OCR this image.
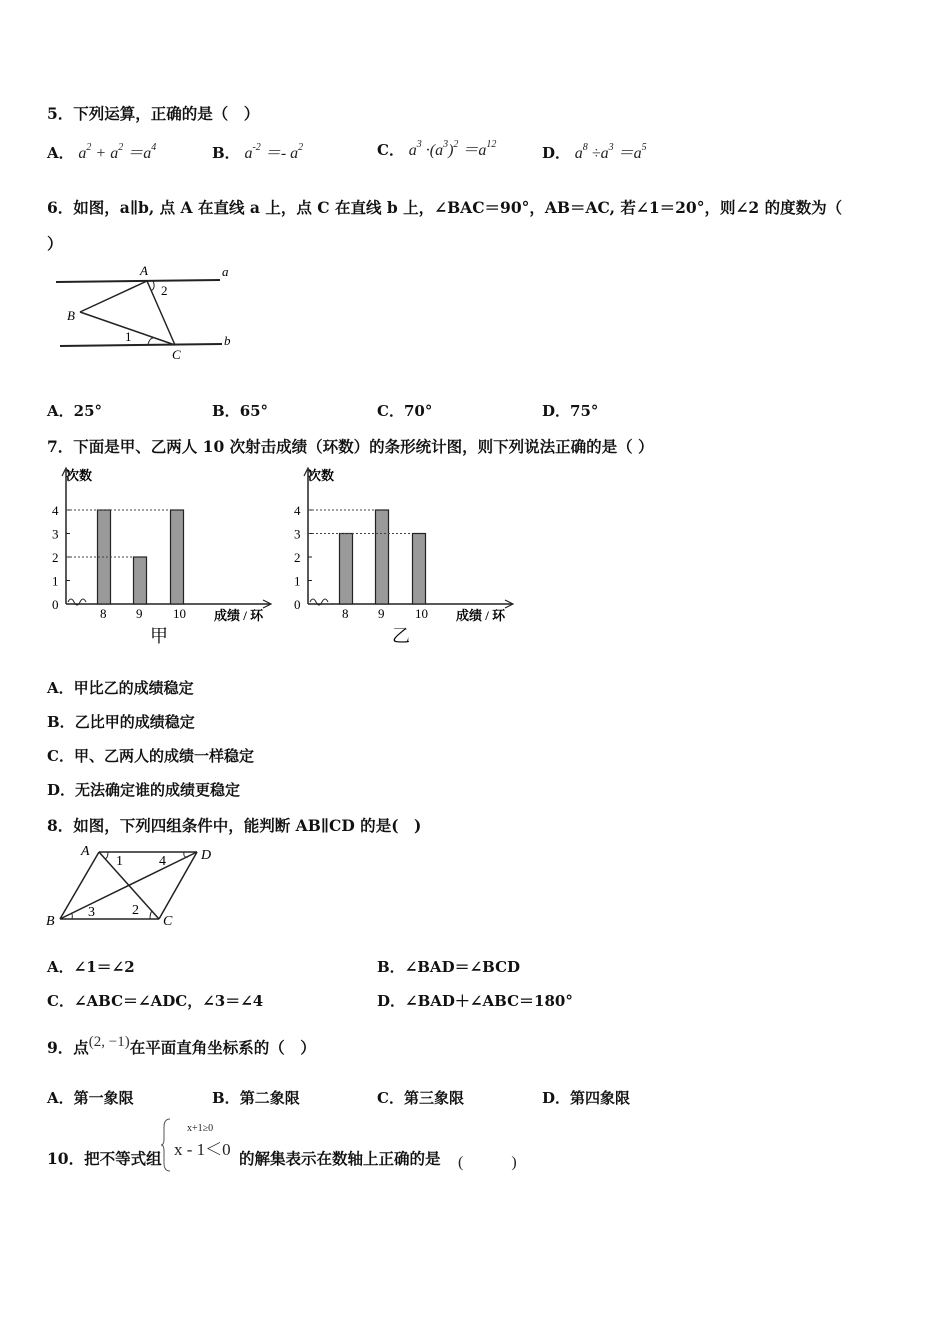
5．下列运算，正确的是（　）
A． $a^2 + a^2 =a^4$	B． $a^{-2} =- a^2$	C． $a^3 \cdot(a^3)^2 =a^{12}$	D． $a^8 \div a^3 =a^5$
6．如图，a∥b, 点 A 在直线 a 上，点 C 在直线 b 上，∠BAC＝90°，AB＝AC, 若∠1＝20°，则∠2 的度数为（
）
A
B
C
a
b
1
2
A．25°	B．65°	C．70°	D．75°
7．下面是甲、乙两人 10 次射击成绩（环数）的条形统计图，则下列说法正确的是（ ）
次数
0
1
2
3
4
8 9 10 成绩 / 环
甲
次数
0
1
2
3
4
8 9 10 成绩 / 环
乙
A．甲比乙的成绩稳定
B．乙比甲的成绩稳定
C．甲、乙两人的成绩一样稳定
D．无法确定谁的成绩更稳定
8．如图，下列四组条件中，能判断 AB∥CD 的是(　)
A
B	C
D
1
2
3
4
A．∠1＝∠2	B．∠BAD＝∠BCD
C．∠ABC＝∠ADC，∠3＝∠4	D．∠BAD＋∠ABC＝180°
9．点(2, −1)在平面直角坐标系的（　）
A．第一象限	B．第二象限	C．第三象限	D．第四象限
10．把不等式组
x+1≥0
x - 1＜0 的解集表示在数轴上正确的是 (　　　)
